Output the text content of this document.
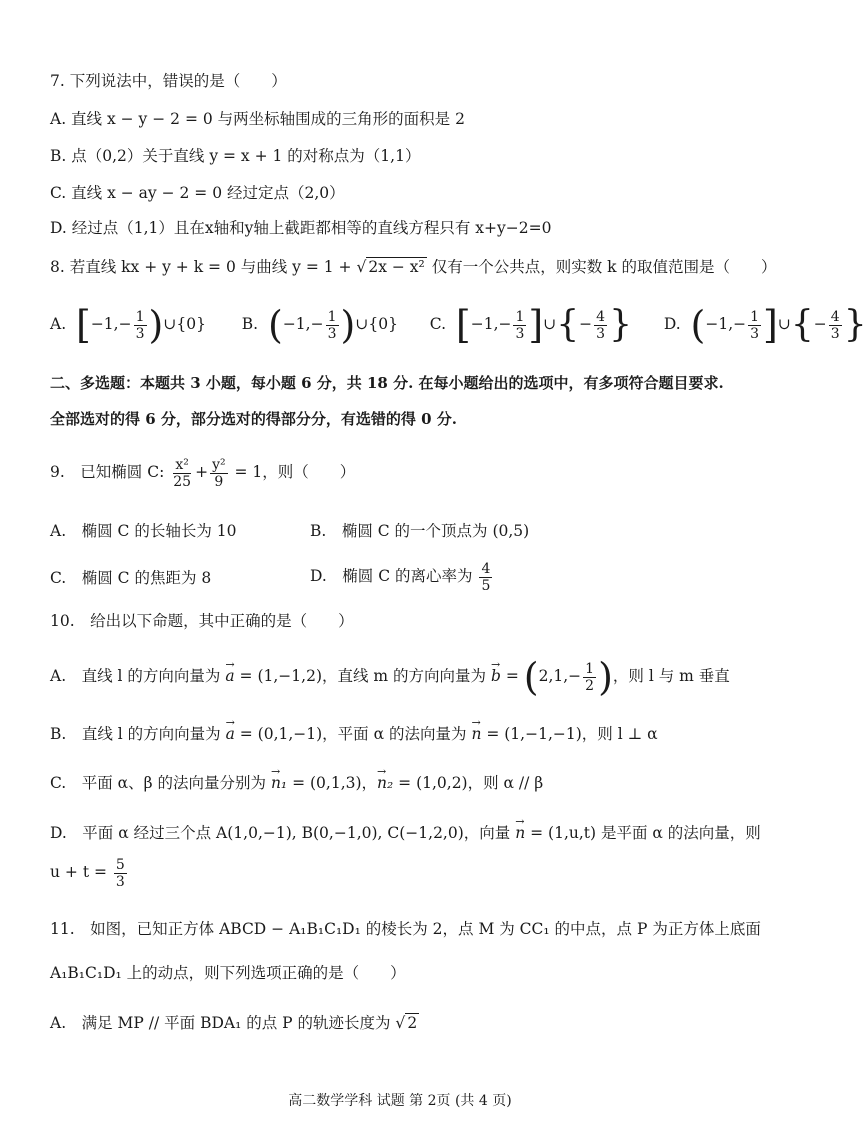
7. 下列说法中，错误的是（　　）
A. 直线 x − y − 2 = 0 与两坐标轴围成的三角形的面积是 2
B. 点（0,2）关于直线 y = x + 1 的对称点为（1,1）
C. 直线 x − ay − 2 = 0 经过定点（2,0）
D. 经过点（1,1）且在x轴和y轴上截距都相等的直线方程只有 x+y−2=0
8. 若直线 kx + y + k = 0 与曲线 y = 1 + √ 2x − x² 仅有一个公共点，则实数 k 的取值范围是（　　）
A. [$-1,- \frac{1}{3}$ )∪{0}  B. ($-1,- \frac{1}{3}$ )∪{0}  C. [$-1,- \frac{1}{3}$ ]∪{− $\frac{4}{3}$ } D. ($-1,- \frac{1}{3}$ ]∪{− $\frac{4}{3}$ }
二、多选题：本题共 3 小题，每小题 6 分，共 18 分. 在每小题给出的选项中，有多项符合题目要求.
全部选对的得 6 分，部分选对的得部分分，有选错的得 0 分.
9.　已知椭圆 C: $\frac{\text{x²}}{25} + \frac{\text{y²}}{9} = 1$，则（　　）
A.　椭圆 C 的长轴长为 10	B.　椭圆 C 的一个顶点为 (0,5)
C.　椭圆 C 的焦距为 8	D.　椭圆 C 的离心率为 $\frac{4}{5}$
10.　给出以下命题，其中正确的是（　　）
A.　直线 l 的方向向量为 → a = (1,−1,2)，直线 m 的方向向量为 → $b = (2,1,- \frac{1}{2}$ )，则 l 与 m 垂直
B.　直线 l 的方向向量为 → a = (0,1,−1)，平面 α 的法向量为 → n = (1,−1,−1)，则 l ⊥ α
C.　平面 α、β 的法向量分别为 → n₁ = (0,1,3)，→ n₂ = (1,0,2)，则 α // β
D.　平面 α 经过三个点 A(1,0,−1), B(0,−1,0), C(−1,2,0)，向量 → n = (1,u,t) 是平面 α 的法向量，则
$u + t = \frac{5}{3}$
11.　如图，已知正方体 ABCD − A₁B₁C₁D₁ 的棱长为 2，点 M 为 CC₁ 的中点，点 P 为正方体上底面
A₁B₁C₁D₁ 上的动点，则下列选项正确的是（　　）
A.　满足 MP // 平面 BDA₁ 的点 P 的轨迹长度为 √ 2
高二数学学科 试题 第 2页 (共 4 页)
